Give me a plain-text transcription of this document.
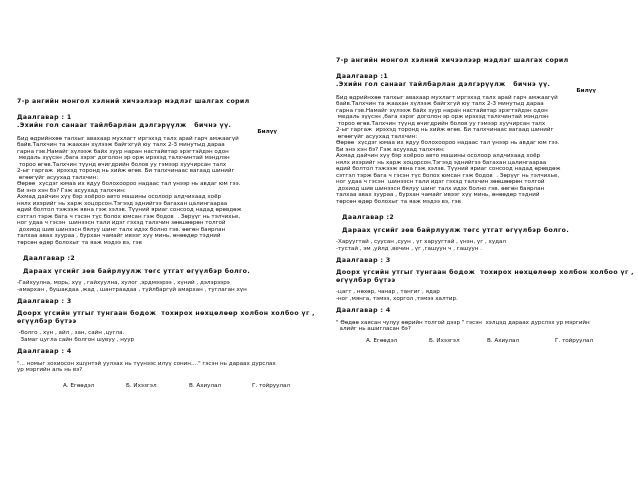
7-р ангийн монгол хэлний хичээлээр мэдлэг шалгах сорил
Даалгавар : 1
.Эхийн гол санааг тайлбарлан дэлгэрүүлж   бичнэ үү.
Билүү
Бид өдрийнхөө талхыг авахаар мухлагт иргэхэд талх арай гарч амжаагүй
байв.Талхчин та жаахан хүлээж байгхгүй юу талх 2-3 минутыд дараа
гарна гэв.Намайг хүлээж байх зуур наран настайвтар эрэгтэйдэн одон
медаль зүүсэн ,бага зэрэг доголон эр орж ирэхэд талхчинтай мэндлэн
тороо өгөв.Талхчин түүнд өчигдрийн болов уу гэмээр хуучирсан талх
2-ыг гаргаж  ирэхэд торонд нь хийж өгөв. Би талхчинаас вагаад шинийг
өгөөгүйг асуухад талхчин:
Өөрөө  хүсдэг юмаа их ядуу болохоороо надаас тал үнээр нь авдаг юм гээ.
Би энэ хэн бэ? Гэж асуухад талхчин:
Ахмад дайчин хүү бэр хоёроо авто машины осолоор алдчихаад хоёр
нялх ихэрийг нь харж хоцорсон.Тэгээд эднийгээ багахан цалингаараа
өдий болтол тэжээж явна гэж хэлэв. Түүний яриаг сонсоод надад өрөвдөж
сэтгэл тэрж бага ч гэсэн түс болох юмсан гэж бодов  . Зөрүүг нь тэлчихье,
ног удаа ч гэсэн  шинээсн тали идэг гэхэд талхчин зөөшөөрөн толгой
дохиод шив шинээсн бялуу шинг талх идэх болно гэв. өөгөн баярлан
талхаа авах зуураа , бурхан чамайг ивээг хүү минь, өнөөдөр тэдний
төрсөн өдөр болохыг та яаж мэдээ вэ, гэв
Даалгавар :2
Дараах үгсийг зөв байрлуулж төгс утгат өгүүлбэр болго.
-Гайхуулна, морь, хүү , гайхуулна, хулог ,эрдмээрээ , хүний , дэлэрээрэ
-амархан , бушакдаа ,жад , шантраадаа , түйлбаргүй амархан , туглаган хүн
Даалгавар : 3
Доорх үгсийн утгыг тунгаан бодож  тохирох нөхцөлөөр холбон холбоо үг ,
өгүүлбэр бүтээ
-болго , хүн , айл , зан, сайн ,цугла.
Замаг цугла сайн болгон шувуу , нуур
Даалгавар : 4
"... номыг зохиосон хшүнтэй уулзах нь түүнээс илүү сонин...." гэсэн нь дараах дурслах
ур мэргийн аль нь вэ?
А. Егөөдэл	Б. Ихэзгэл	В. Ахиулал	Г. тойруулал
7-р ангийн монгол хэлний хичээлээр мэдлэг шалгах сорил
Даалгавар :1
.Эхийн гол санааг тайлбарлан дэлгэрүүлж   бичнэ үү.
Билүү
Бид өдрийнхөө талхыг авахаар мухлагт иргэхэд талх арай гарч амжаагүй
байв.Талхчин та жаахан хүлээж байгхгүй юу талх 2-3 минутыд дараа
гарна гэв.Намайг хүлээж байх зуур наран настайвтар эрэгтэйдэн одон
медаль зүүсэн ,бага зэрэг доголон эр орж ирэхэд талхчинтай мэндлэн
тороо өгөв.Талхчин түүнд өчигдрийн болов уу гэмээр хуучирсан талх
2-ыг гаргаж  ирэхэд торонд нь хийж өгөв. Би талхчинаас вагаад шинийг
өгөөгүйг асуухад талхчин:
Өөрөө  хүсдэг юмаа их ядуу болохоороо надаас тал үнээр нь авдаг юм гээ.
Би энэ хэн бэ? Гэж асуухад талхчин:
Ахмад дайчин хүү бэр хоёроо авто машины осолоор алдчихаад хоёр
нялх ихэрийг нь харж хоцорсон.Тэгээд эднийгээ багахан цалингаараа
өдий болтол тэжээж явна гэж хэлэв. Түүний яриаг сонсоод надад өрөвдөж
сэтгэл тэрж бага ч гэсэн түс болох юмсан гэж бодов  . Зөрүүг нь тэлчихье,
ног удаа ч гэсэн  шинээсн тали идэг гэхэд талхчин зөөшөөрөн толгой
дохиод шив шинээсн бялуу шинг талх идэх болно гэв. өөгөн баярлан
талхаа авах зуураа , бурхан чамайг ивээг хүү минь, өнөөдөр тэдний
төрсөн өдөр болохыг та яаж мэдээ вэ, гэв
Даалгавар :2
Дараах үгсийг зөв байрлуулж төгс утгат өгүүлбэр болго.
-Харуугтай , суусан ,суун , үг харуугтай , үнэн, үг , худал
-тустай , эм ,уйлд ,вечин , үг ,гашуун ч , гашуун .
Даалгавар : 3
Доорх үгсийн утгыг тунгаан бодож  тохирох нөхцөлөөр холбон холбоо үг ,
өгүүлбэр бүтээ
-цагт , нөхөр, чанар , тангиг , ядар
-ног ,мянга, тэмээ, хоргол ,тэмээ халтир.
Даалгавар : 4
" Өөдөө хаясан чулуу өөрийн толгой дээр " гэсэн  хэлцэд дараах дурслэх ур мэргийн
алийг нь ашигласан бэ?
А. Егөөдэл	Б. Ихэзгэл	В. Ахиулал	Г. тойруулал
